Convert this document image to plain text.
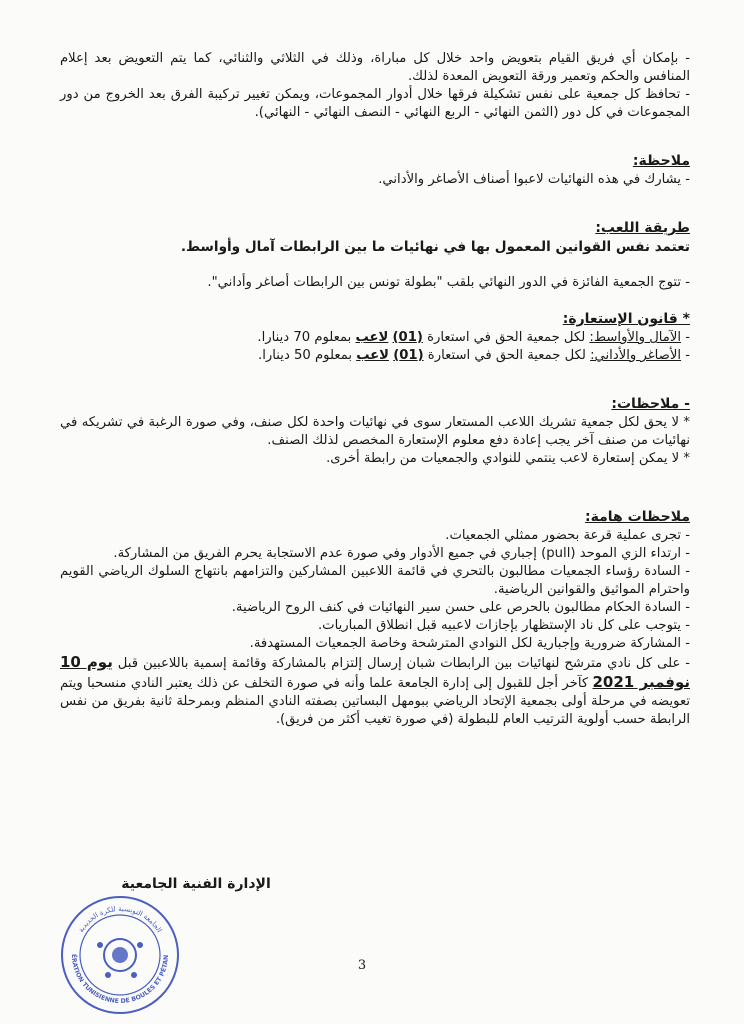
- بإمكان أي فريق القيام بتعويض واحد خلال كل مباراة، وذلك في الثلاثي والثنائي، كما يتم التعويض بعد إعلام المنافس والحكم وتعمير ورقة التعويض المعدة لذلك.

- تحافظ كل جمعية على نفس تشكيلة فرقها خلال أدوار المجموعات، ويمكن تغيير تركيبة الفرق بعد الخروج من دور المجموعات في كل دور (الثمن النهائي - الربع النهائي - النصف النهائي - النهائي).

ملاحظة:

- يشارك في هذه النهائيات لاعبوا أصناف الأصاغر والأداني.

طريقة اللعب:

تعتمد نفس القوانين المعمول بها في نهائيات ما بين الرابطات آمال وأواسط.

- تتوج الجمعية الفائزة في الدور النهائي بلقب "بطولة تونس بين الرابطات أصاغر وأداني".

* قانون الإستعارة:

- الآمال والأواسط: لكل جمعية الحق في استعارة (01) لاعب بمعلوم 70 دينارا.

- الأصاغر والأداني: لكل جمعية الحق في استعارة (01) لاعب بمعلوم 50 دينارا.

- ملاحظات:

* لا يحق لكل جمعية تشريك اللاعب المستعار سوى في نهائيات واحدة لكل صنف، وفي صورة الرغبة في تشريكه في نهائيات من صنف آخر يجب إعادة دفع معلوم الإستعارة المخصص لذلك الصنف.

* لا يمكن إستعارة لاعب ينتمي للنوادي والجمعيات من رابطة أخرى.

ملاحظات هامة:

- تجرى عملية قرعة بحضور ممثلي الجمعيات.

- ارتداء الزي الموحد (pull) إجباري في جميع الأدوار وفي صورة عدم الاستجابة يحرم الفريق من المشاركة.

- السادة رؤساء الجمعيات مطالبون بالتحري في قائمة اللاعبين المشاركين والتزامهم بانتهاج السلوك الرياضي القويم واحترام المواثيق والقوانين الرياضية.

- السادة الحكام مطالبون بالحرص على حسن سير النهائيات في كنف الروح الرياضية.

- يتوجب على كل ناد الإستظهار بإجازات لاعبيه قبل انطلاق المباريات.

- المشاركة ضرورية وإجبارية لكل النوادي المترشحة وخاصة الجمعيات المستهدفة.

- على كل نادي مترشح لنهائيات بين الرابطات شبان إرسال إلتزام بالمشاركة وقائمة إسمية باللاعبين قبل يوم 10 نوفمبر 2021 كآخر أجل للقبول إلى إدارة الجامعة علما وأنه في صورة التخلف عن ذلك يعتبر النادي منسحبا ويتم تعويضه في مرحلة أولى بجمعية الإتحاد الرياضي ببومهل البساتين بصفته النادي المنظم وبمرحلة ثانية بفريق من نفس الرابطة حسب أولوية الترتيب العام للبطولة (في صورة تغيب أكثر من فريق).

الإدارة الفنية الجامعية
الجامعة التونسية للكرة الحديدية
ÉRATION TUNISIENNE DE BOULES ET PÉTAN
3
